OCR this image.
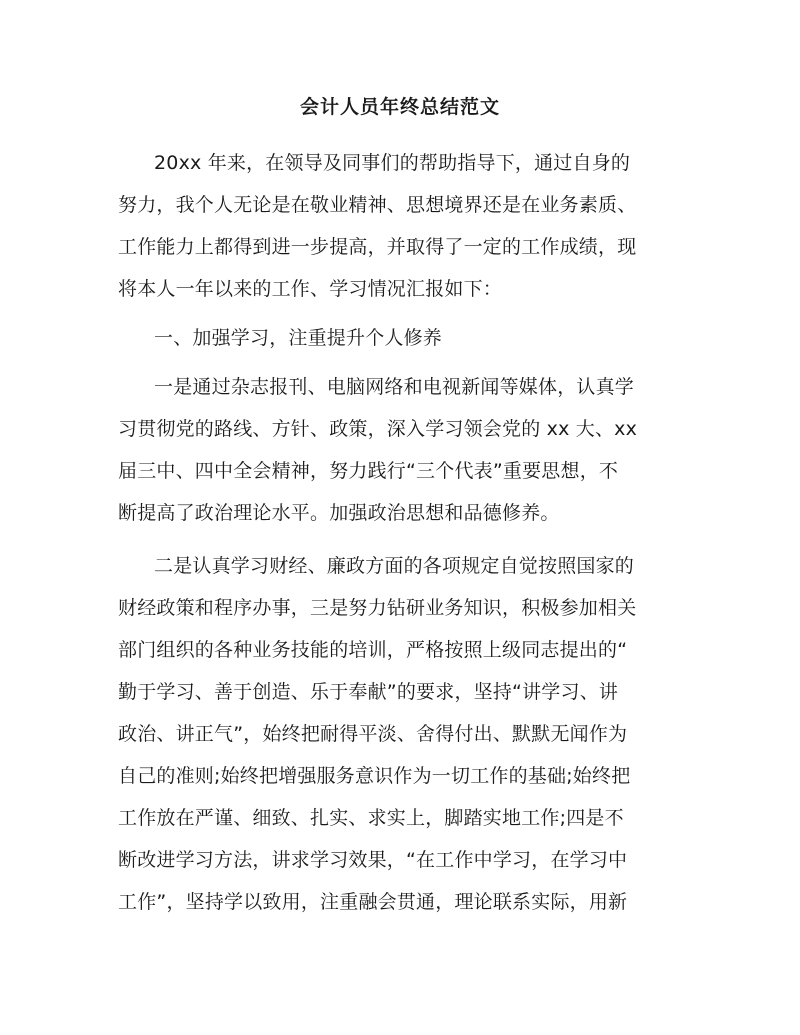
会计人员年终总结范文
20xx 年来，在领导及同事们的帮助指导下，通过自身的
努力，我个人无论是在敬业精神、思想境界还是在业务素质、
工作能力上都得到进一步提高，并取得了一定的工作成绩，现
将本人一年以来的工作、学习情况汇报如下：
一、加强学习，注重提升个人修养
一是通过杂志报刊、电脑网络和电视新闻等媒体，认真学
习贯彻党的路线、方针、政策，深入学习领会党的 xx 大、xx
届三中、四中全会精神，努力践行“三个代表”重要思想，不
断提高了政治理论水平。加强政治思想和品德修养。
二是认真学习财经、廉政方面的各项规定自觉按照国家的
财经政策和程序办事，三是努力钻研业务知识，积极参加相关
部门组织的各种业务技能的培训，严格按照上级同志提出的“
勤于学习、善于创造、乐于奉献”的要求，坚持“讲学习、讲
政治、讲正气”，始终把耐得平淡、舍得付出、默默无闻作为
自己的准则;始终把增强服务意识作为一切工作的基础;始终把
工作放在严谨、细致、扎实、求实上，脚踏实地工作;四是不
断改进学习方法，讲求学习效果，“在工作中学习，在学习中
工作”，坚持学以致用，注重融会贯通，理论联系实际，用新
